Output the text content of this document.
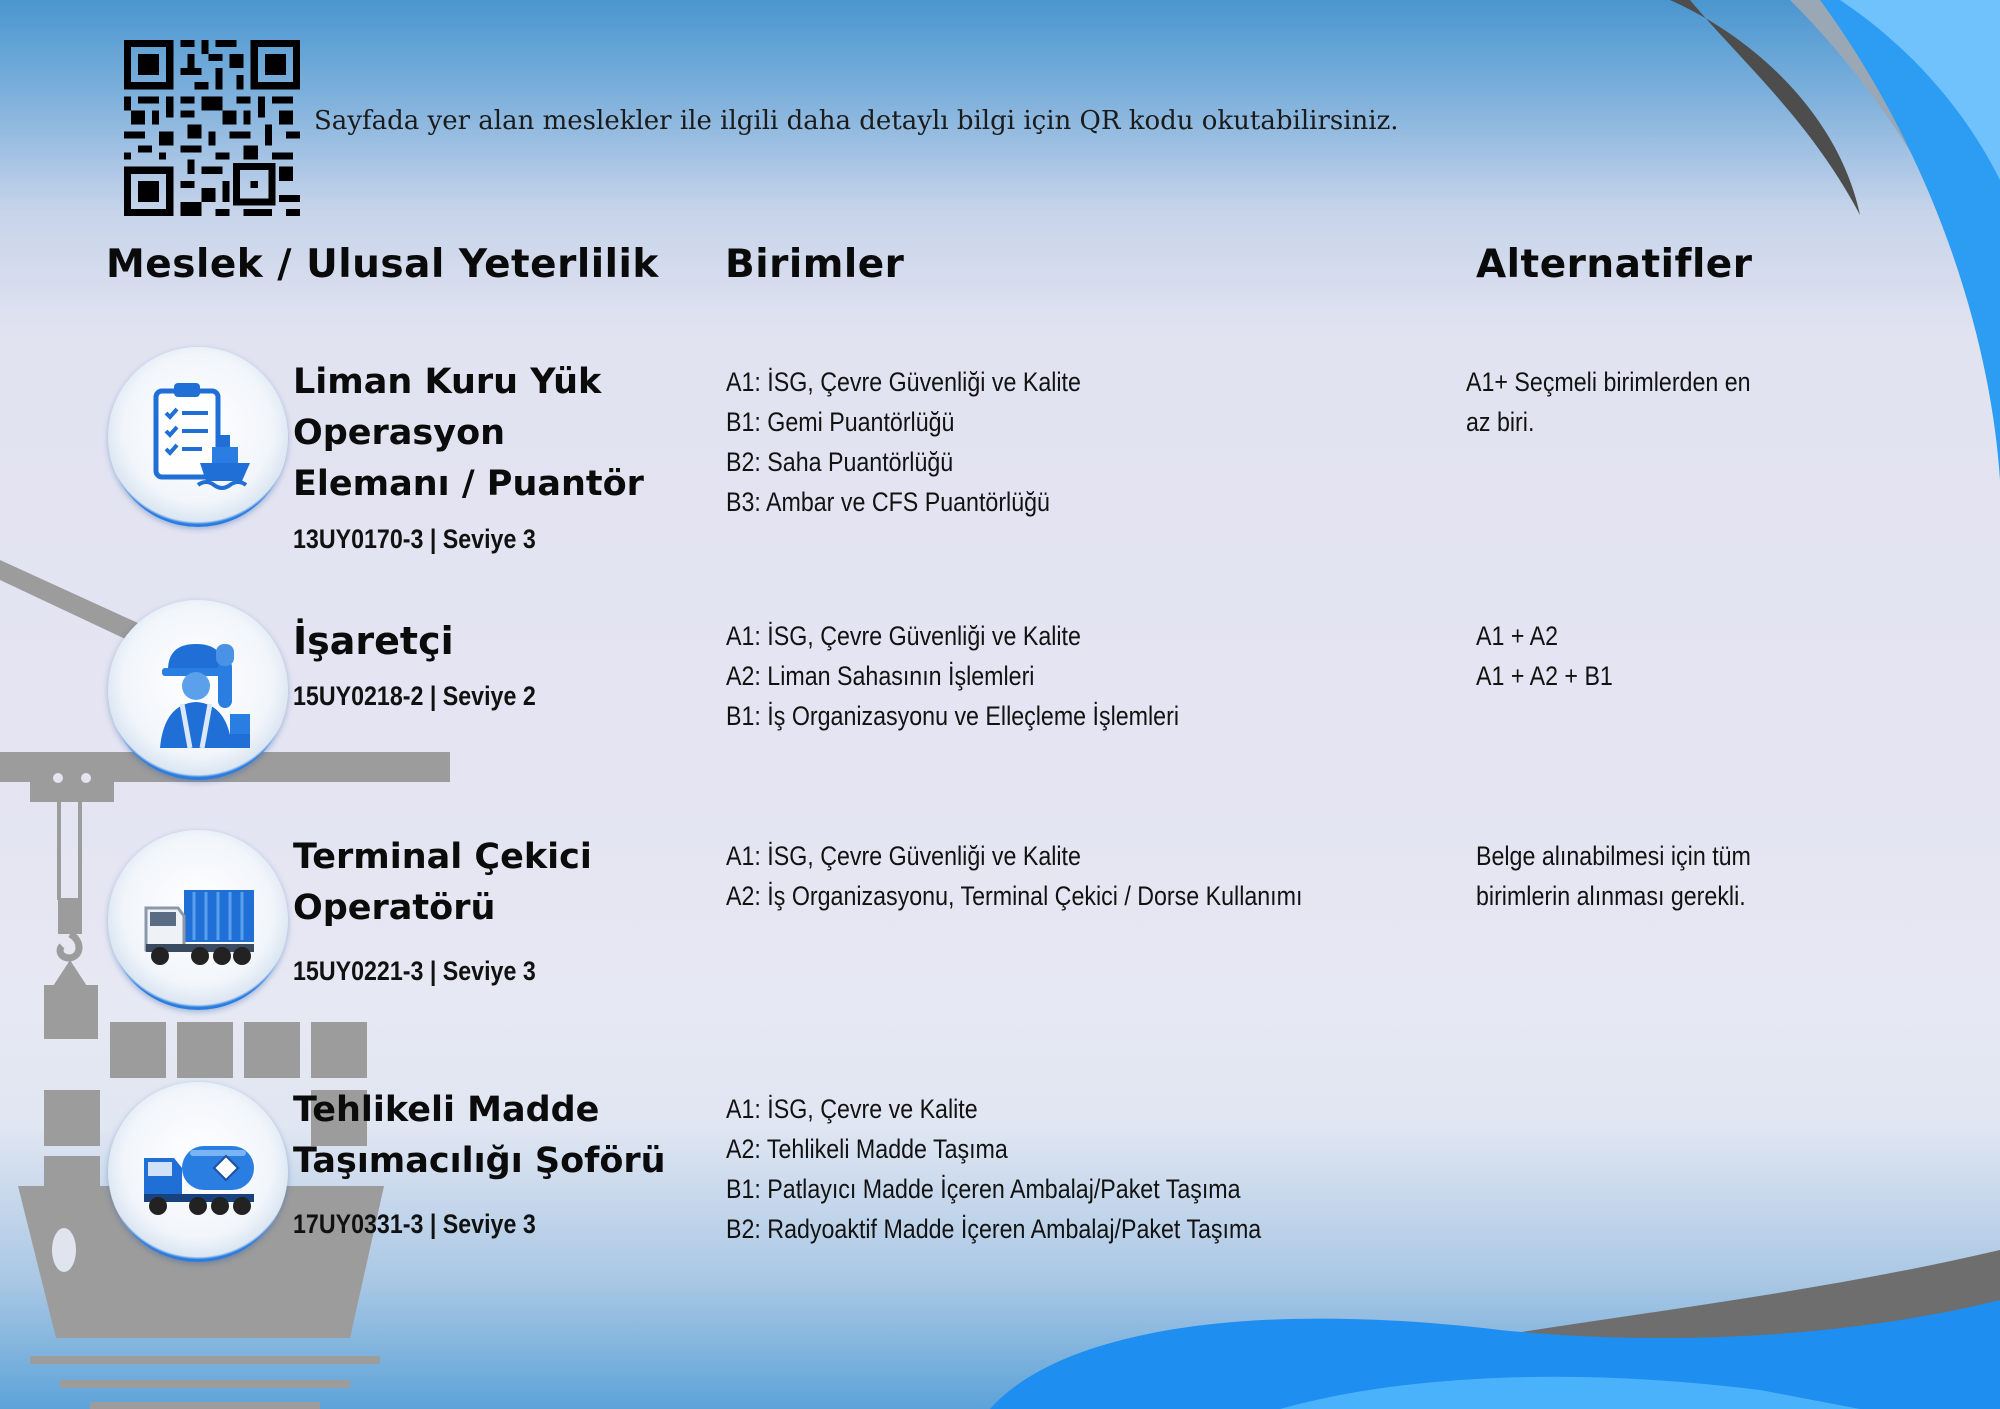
Sayfada yer alan meslekler ile ilgili daha detaylı bilgi için QR kodu okutabilirsiniz.
Meslek / Ulusal Yeterlilik Birimler	Alternatifler
Liman Kuru Yük
Operasyon
Elemanı / Puantör
13UY0170-3 | Seviye 3
A1: İSG, Çevre Güvenliği ve Kalite
B1: Gemi Puantörlüğü
B2: Saha Puantörlüğü
B3: Ambar ve CFS Puantörlüğü
A1+ Seçmeli birimlerden en
az biri.
İşaretçi
15UY0218-2 | Seviye 2
A1: İSG, Çevre Güvenliği ve Kalite
A2: Liman Sahasının İşlemleri
B1: İş Organizasyonu ve Elleçleme İşlemleri
A1 + A2
A1 + A2 + B1
Terminal Çekici
Operatörü
15UY0221-3 | Seviye 3
A1: İSG, Çevre Güvenliği ve Kalite
A2: İş Organizasyonu, Terminal Çekici / Dorse Kullanımı
Belge alınabilmesi için tüm
birimlerin alınması gerekli.
Tehlikeli Madde
Taşımacılığı Şoförü
17UY0331-3 | Seviye 3
A1: İSG, Çevre ve Kalite
A2: Tehlikeli Madde Taşıma
B1: Patlayıcı Madde İçeren Ambalaj/Paket Taşıma
B2: Radyoaktif Madde İçeren Ambalaj/Paket Taşıma
